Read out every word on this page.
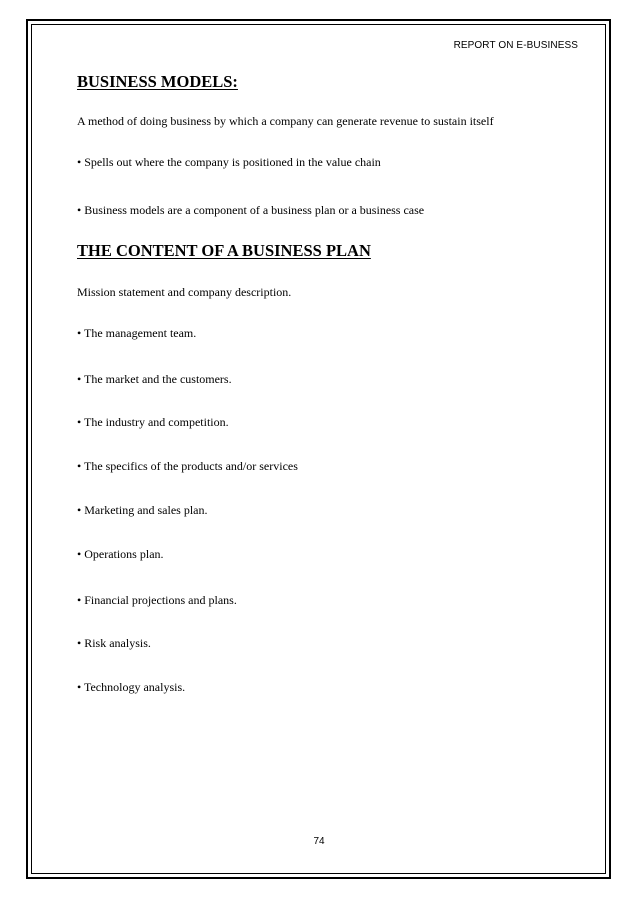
REPORT ON E-BUSINESS
BUSINESS MODELS:
A method of doing business by which a company can generate revenue to sustain itself
• Spells out where the company is positioned in the value chain
• Business models are a component of a business plan or a business case
THE CONTENT OF A BUSINESS PLAN
Mission statement and company description.
• The management team.
• The market and the customers.
• The industry and competition.
• The specifics of the products and/or services
• Marketing and sales plan.
• Operations plan.
• Financial projections and plans.
• Risk analysis.
• Technology analysis.
74
